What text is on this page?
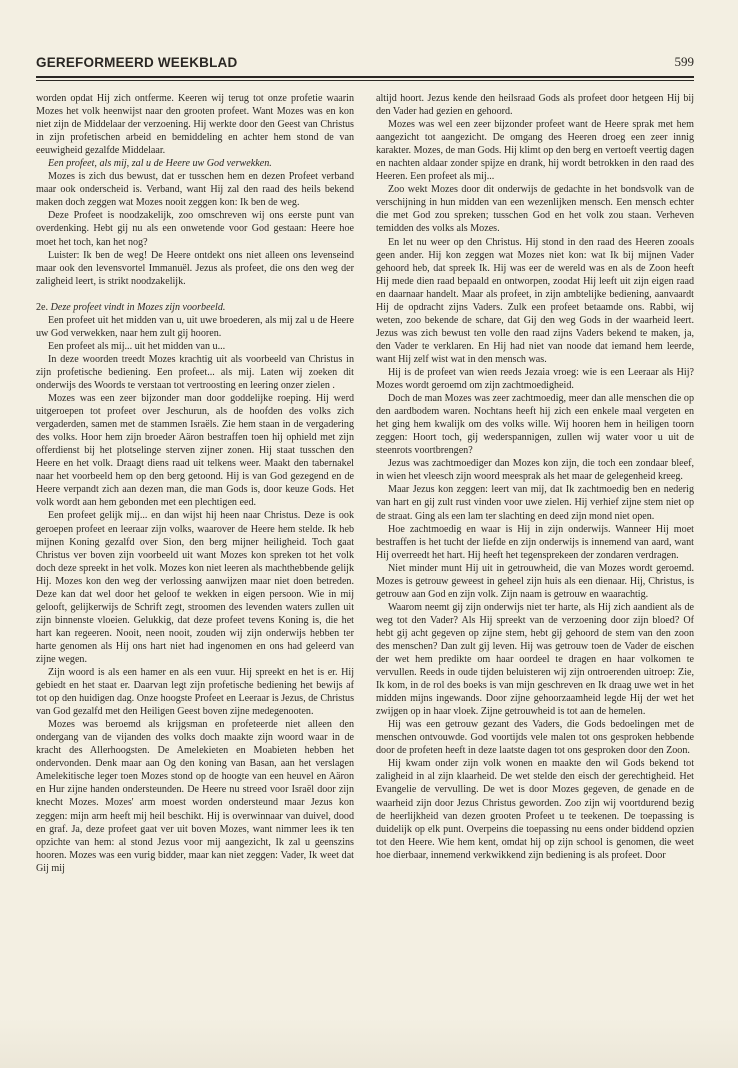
GEREFORMEERD WEEKBLAD	599

worden opdat Hij zich ontferme. Keeren wij terug tot onze profetie waarin Mozes het volk heenwijst naar den grooten profeet. Want Mozes was en kon niet zijn de Middelaar der verzoening. Hij werkte door den Geest van Christus in zijn profetischen arbeid en bemiddeling en achter hem stond de van eeuwigheid gezalfde Middelaar.

Een profeet, als mij, zal u de Heere uw God verwekken.

Mozes is zich dus bewust, dat er tusschen hem en dezen Profeet verband maar ook onderscheid is. Verband, want Hij zal den raad des heils bekend maken doch zeggen wat Mozes nooit zeggen kon: Ik ben de weg.

Deze Profeet is noodzakelijk, zoo omschreven wij ons eerste punt van overdenking. Hebt gij nu als een onwetende voor God gestaan: Heere hoe moet het toch, kan het nog?

Luister: Ik ben de weg! De Heere ontdekt ons niet alleen ons levenseind maar ook den levensvortel Immanuël. Jezus als profeet, die ons den weg der zaligheid leert, is strikt noodzakelijk.

2e. Deze profeet vindt in Mozes zijn voorbeeld.

Een profeet uit het midden van u, uit uwe broederen, als mij zal u de Heere uw God verwekken, naar hem zult gij hooren.

Een profeet als mij... uit het midden van u...

In deze woorden treedt Mozes krachtig uit als voorbeeld van Christus in zijn profetische bediening. Een profeet... als mij. Laten wij zoeken dit onderwijs des Woords te verstaan tot vertroosting en leering onzer zielen .

Mozes was een zeer bijzonder man door goddelijke roeping. Hij werd uitgeroepen tot profeet over Jeschurun, als de hoofden des volks zich vergaderden, samen met de stammen Israëls. Zie hem staan in de vergadering des volks. Hoor hem zijn broeder Aäron bestraffen toen hij ophield met zijn offerdienst bij het plotselinge sterven zijner zonen. Hij staat tusschen den Heere en het volk. Draagt diens raad uit telkens weer. Maakt den tabernakel naar het voorbeeld hem op den berg getoond. Hij is van God gezegend en de Heere verpandt zich aan dezen man, die man Gods is, door keuze Gods. Het volk wordt aan hem gebonden met een plechtigen eed.

Een profeet gelijk mij... en dan wijst hij heen naar Christus. Deze is ook geroepen profeet en leeraar zijn volks, waarover de Heere hem stelde. Ik heb mijnen Koning gezalfd over Sion, den berg mijner heiligheid. Toch gaat Christus ver boven zijn voorbeeld uit want Mozes kon spreken tot het volk doch deze spreekt in het volk. Mozes kon niet leeren als machthebbende gelijk Hij. Mozes kon den weg der verlossing aanwijzen maar niet doen betreden. Deze kan dat wel door het geloof te wekken in eigen persoon. Wie in mij gelooft, gelijkerwijs de Schrift zegt, stroomen des levenden waters zullen uit zijn binnenste vloeien. Gelukkig, dat deze profeet tevens Koning is, die het hart kan regeeren. Nooit, neen nooit, zouden wij zijn onderwijs hebben ter harte genomen als Hij ons hart niet had ingenomen en ons had geleerd van zijne wegen.

Zijn woord is als een hamer en als een vuur. Hij spreekt en het is er. Hij gebiedt en het staat er. Daarvan legt zijn profetische bediening het bewijs af tot op den huidigen dag. Onze hoogste Profeet en Leeraar is Jezus, de Christus van God gezalfd met den Heiligen Geest boven zijne medegenooten.

Mozes was beroemd als krijgsman en profeteerde niet alleen den ondergang van de vijanden des volks doch maakte zijn woord waar in de kracht des Allerhoogsten. De Amelekieten en Moabieten hebben het ondervonden. Denk maar aan Og den koning van Basan, aan het verslagen Amelekitische leger toen Mozes stond op de hoogte van een heuvel en Aäron en Hur zijne handen ondersteunden. De Heere nu streed voor Israël door zijn knecht Mozes. Mozes' arm moest worden ondersteund maar Jezus kon zeggen: mijn arm heeft mij heil beschikt. Hij is overwinnaar van duivel, dood en graf. Ja, deze profeet gaat ver uit boven Mozes, want nimmer lees ik ten opzichte van hem: al stond Jezus voor mij aangezicht, Ik zal u geenszins hooren. Mozes was een vurig bidder, maar kan niet zeggen: Vader, Ik weet dat Gij mij

altijd hoort. Jezus kende den heilsraad Gods als profeet door hetgeen Hij bij den Vader had gezien en gehoord.

Mozes was wel een zeer bijzonder profeet want de Heere sprak met hem aangezicht tot aangezicht. De omgang des Heeren droeg een zeer innig karakter. Mozes, de man Gods. Hij klimt op den berg en vertoeft veertig dagen en nachten aldaar zonder spijze en drank, hij wordt betrokken in den raad des Heeren. Een profeet als mij...

Zoo wekt Mozes door dit onderwijs de gedachte in het bondsvolk van de verschijning in hun midden van een wezenlijken mensch. Een mensch echter die met God zou spreken; tusschen God en het volk zou staan. Verheven temidden des volks als Mozes.

En let nu weer op den Christus. Hij stond in den raad des Heeren zooals geen ander. Hij kon zeggen wat Mozes niet kon: wat Ik bij mijnen Vader gehoord heb, dat spreek Ik. Hij was eer de wereld was en als de Zoon heeft Hij mede dien raad bepaald en ontworpen, zoodat Hij leeft uit zijn eigen raad en daarnaar handelt. Maar als profeet, in zijn ambtelijke bediening, aanvaardt Hij de opdracht zijns Vaders. Zulk een profeet betaamde ons. Rabbi, wij weten, zoo bekende de schare, dat Gij den weg Gods in der waarheid leert. Jezus was zich bewust ten volle den raad zijns Vaders bekend te maken, ja, den Vader te verklaren. En Hij had niet van noode dat iemand hem leerde, want Hij zelf wist wat in den mensch was.

Hij is de profeet van wien reeds Jezaia vroeg: wie is een Leeraar als Hij? Mozes wordt geroemd om zijn zachtmoedigheid.

Doch de man Mozes was zeer zachtmoedig, meer dan alle menschen die op den aardbodem waren. Nochtans heeft hij zich een enkele maal vergeten en het ging hem kwalijk om des volks wille. Wij hooren hem in heiligen toorn zeggen: Hoort toch, gij wederspannigen, zullen wij water voor u uit de steenrots voortbrengen?

Jezus was zachtmoediger dan Mozes kon zijn, die toch een zondaar bleef, in wien het vleesch zijn woord meesprak als het maar de gelegenheid kreeg.

Maar Jezus kon zeggen: leert van mij, dat Ik zachtmoedig ben en nederig van hart en gij zult rust vinden voor uwe zielen. Hij verhief zijne stem niet op de straat. Ging als een lam ter slachting en deed zijn mond niet open.

Hoe zachtmoedig en waar is Hij in zijn onderwijs. Wanneer Hij moet bestraffen is het tucht der liefde en zijn onderwijs is innemend van aard, want Hij overreedt het hart. Hij heeft het tegensprekeen der zondaren verdragen.

Niet minder munt Hij uit in getrouwheid, die van Mozes wordt geroemd. Mozes is getrouw geweest in geheel zijn huis als een dienaar. Hij, Christus, is getrouw aan God en zijn volk. Zijn naam is getrouw en waarachtig.

Waarom neemt gij zijn onderwijs niet ter harte, als Hij zich aandient als de weg tot den Vader? Als Hij spreekt van de verzoening door zijn bloed? Of hebt gij acht gegeven op zijne stem, hebt gij gehoord de stem van den zoon des menschen? Dan zult gij leven. Hij was getrouw toen de Vader de eischen der wet hem predikte om haar oordeel te dragen en haar volkomen te vervullen. Reeds in oude tijden beluisteren wij zijn ontroerenden uitroep: Zie, Ik kom, in de rol des boeks is van mijn geschreven en Ik draag uwe wet in het midden mijns ingewands. Door zijne gehoorzaamheid legde Hij der wet het zwijgen op in haar vloek. Zijne getrouwheid is tot aan de hemelen.

Hij was een getrouw gezant des Vaders, die Gods bedoelingen met de menschen ontvouwde. God voortijds vele malen tot ons gesproken hebbende door de profeten heeft in deze laatste dagen tot ons gesproken door den Zoon.

Hij kwam onder zijn volk wonen en maakte den wil Gods bekend tot zaligheid in al zijn klaarheid. De wet stelde den eisch der gerechtigheid. Het Evangelie de vervulling. De wet is door Mozes gegeven, de genade en de waarheid zijn door Jezus Christus geworden. Zoo zijn wij voortdurend bezig de heerlijkheid van dezen grooten Profeet u te teekenen. De toepassing is duidelijk op elk punt. Overpeins die toepassing nu eens onder biddend opzien tot den Heere. Wie hem kent, omdat hij op zijn school is genomen, die weet hoe dierbaar, innemend verkwikkend zijn bediening is als profeet. Door
